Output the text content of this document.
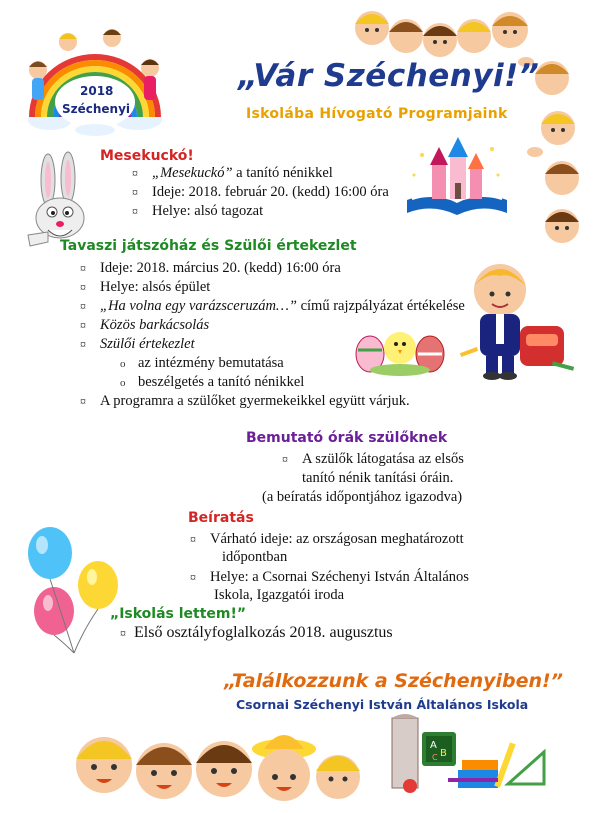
2018
Széchenyi
A
B
C
„Vár Széchenyi!”
Iskolába Hívogató Programjaink
Mesekuckó!
¤ „Mesekuckó” a tanító nénikkel
¤ Ideje: 2018. február 20. (kedd) 16:00 óra
¤ Helye: alsó tagozat
Tavaszi játszóház és Szülői értekezlet
¤ Ideje: 2018. március 20. (kedd) 16:00 óra
¤ Helye: alsós épület
¤ „Ha volna egy varázsceruzám…” című rajzpályázat értékelése
¤ Közös barkácsolás
¤ Szülői értekezlet
o az intézmény bemutatása
o beszélgetés a tanító nénikkel
¤ A programra a szülőket gyermekeikkel együtt várjuk.
Bemutató órák szülőknek
¤ A szülők látogatása az elsős
tanító nénik tanítási óráin.
(a beíratás időpontjához igazodva)
Beíratás
¤ Várható ideje: az országosan meghatározott
időpontban
¤ Helye: a Csornai Széchenyi István Általános
Iskola, Igazgatói iroda
„Iskolás lettem!”
¤ Első osztályfoglalkozás 2018. augusztus
„Találkozzunk a Széchenyiben!”
Csornai Széchenyi István Általános Iskola
